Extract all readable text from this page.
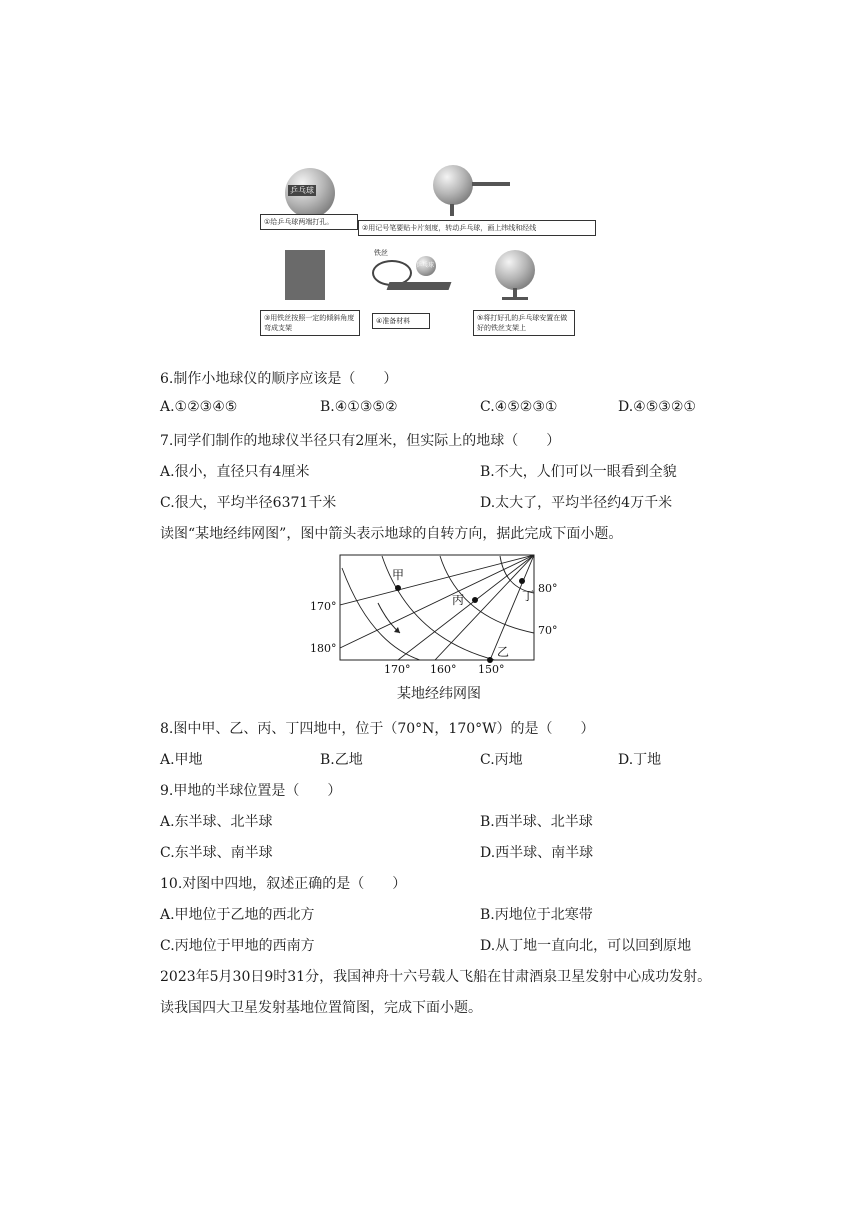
乒乓球
①给乒乓球两端打孔。
②用记号笔要贴卡片刻度，转动乒乓球，画上纬线和经线
③用铁丝按照一定的倾斜角度弯成支架
铁丝
乒乓球
④准备材料	⑤将打好孔的乒乓球安置在做好的铁丝支架上
6.制作小地球仪的顺序应该是（　　）
A.①②③④⑤	B.④①③⑤②	C.④⑤②③①	D.④⑤③②①
7.同学们制作的地球仪半径只有2厘米，但实际上的地球（　　）
A.很小，直径只有4厘米	B.不大，人们可以一眼看到全貌
C.很大，平均半径6371千米	D.太大了，平均半径约4万千米
读图“某地经纬网图”，图中箭头表示地球的自转方向，据此完成下面小题。
甲
丙	丁
乙
170°
180°
80°
70°
170° 160° 150°
某地经纬网图
8.图中甲、乙、丙、丁四地中，位于（70°N，170°W）的是（　　）
A.甲地	B.乙地	C.丙地	D.丁地
9.甲地的半球位置是（　　）
A.东半球、北半球	B.西半球、北半球
C.东半球、南半球	D.西半球、南半球
10.对图中四地，叙述正确的是（　　）
A.甲地位于乙地的西北方	B.丙地位于北寒带
C.丙地位于甲地的西南方	D.从丁地一直向北，可以回到原地
2023年5月30日9时31分，我国神舟十六号载人飞船在甘肃酒泉卫星发射中心成功发射。
读我国四大卫星发射基地位置简图，完成下面小题。
